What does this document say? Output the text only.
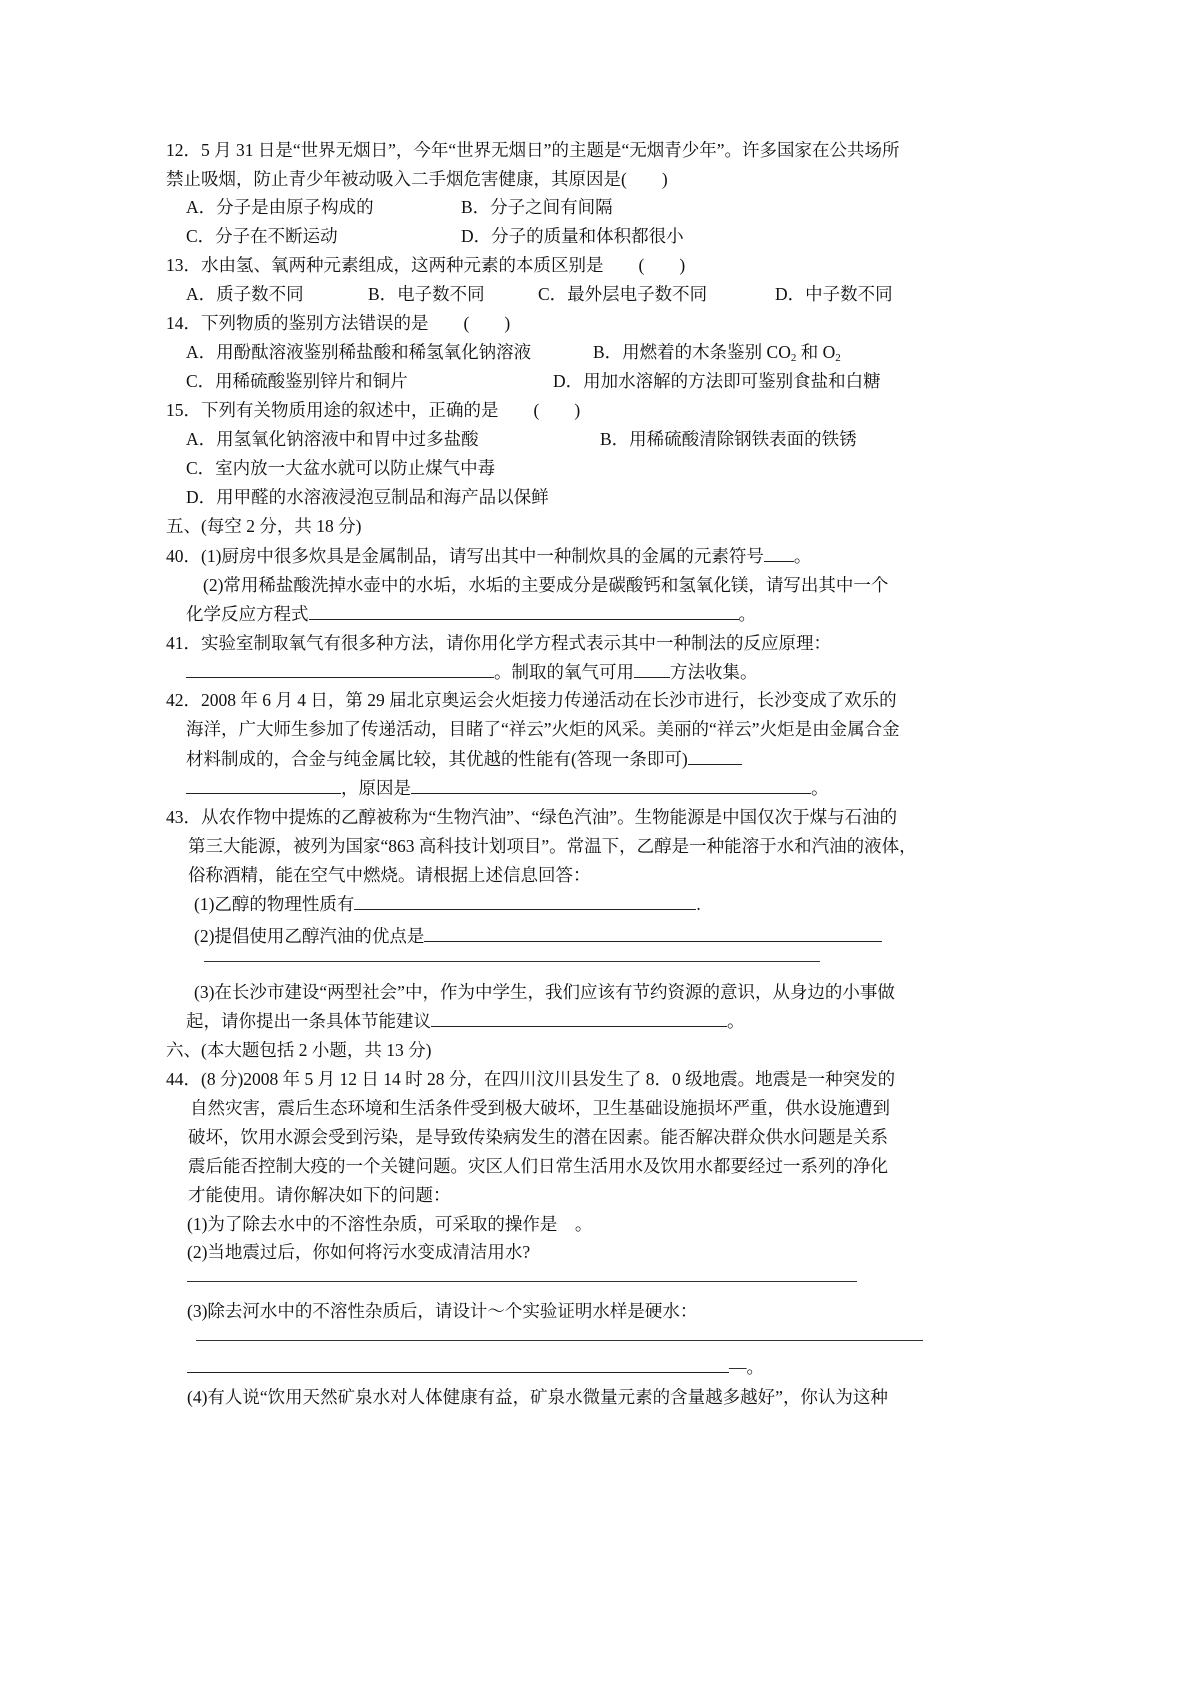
12．5 月 31 日是“世界无烟日”，今年“世界无烟日”的主题是“无烟青少年”。许多国家在公共场所
禁止吸烟，防止青少年被动吸入二手烟危害健康，其原因是(　　)
A．分子是由原子构成的	B．分子之间有间隔
C．分子在不断运动	D．分子的质量和体积都很小
13．水由氢、氧两种元素组成，这两种元素的本质区别是　　(　　)
A．质子数不同	B．电子数不同	C．最外层电子数不同	D．中子数不同
14．下列物质的鉴别方法错误的是　　(　　)
A．用酚酞溶液鉴别稀盐酸和稀氢氧化钠溶液	B．用燃着的木条鉴别 $CO_2$ 和 $O_2$
C．用稀硫酸鉴别锌片和铜片	D．用加水溶解的方法即可鉴别食盐和白糖
15．下列有关物质用途的叙述中，正确的是　　(　　)
A．用氢氧化钠溶液中和胃中过多盐酸	B．用稀硫酸清除钢铁表面的铁锈
C．室内放一大盆水就可以防止煤气中毒
D．用甲醛的水溶液浸泡豆制品和海产品以保鲜
五、(每空 2 分，共 18 分)
40．(1)厨房中很多炊具是金属制品，请写出其中一种制炊具的金属的元素符号 。
(2)常用稀盐酸洗掉水壶中的水垢，水垢的主要成分是碳酸钙和氢氧化镁，请写出其中一个
化学反应方程式	。
41．实验室制取氧气有很多种方法，请你用化学方程式表示其中一种制法的反应原理：
。制取的氧气可用 方法收集。
42．2008 年 6 月 4 日，第 29 届北京奥运会火炬接力传递活动在长沙市进行，长沙变成了欢乐的
海洋，广大师生参加了传递活动，目睹了“祥云”火炬的风采。美丽的“祥云”火炬是由金属合金
材料制成的，合金与纯金属比较，其优越的性能有(答现一条即可)
，原因是	。
43．从农作物中提炼的乙醇被称为“生物汽油”、“绿色汽油”。生物能源是中国仅次于煤与石油的
第三大能源，被列为国家“863 高科技计划项目”。常温下，乙醇是一种能溶于水和汽油的液体，
俗称酒精，能在空气中燃烧。请根据上述信息回答：
(1)乙醇的物理性质有	.
(2)提倡使用乙醇汽油的优点是
(3)在长沙市建设“两型社会”中，作为中学生，我们应该有节约资源的意识，从身边的小事做
起，请你提出一条具体节能建议	。
六、(本大题包括 2 小题，共 13 分)
44．(8 分)2008 年 5 月 12 日 14 时 28 分，在四川汶川县发生了 8．0 级地震。地震是一种突发的
自然灾害，震后生态环境和生活条件受到极大破坏，卫生基础设施损坏严重，供水设施遭到
破坏，饮用水源会受到污染，是导致传染病发生的潜在因素。能否解决群众供水问题是关系
震后能否控制大疫的一个关键问题。灾区人们日常生活用水及饮用水都要经过一系列的净化
才能使用。请你解决如下的问题：
(1)为了除去水中的不溶性杂质，可采取的操作是　。
(2)当地震过后，你如何将污水变成清洁用水?
(3)除去河水中的不溶性杂质后，请设计～个实验证明水样是硬水：
—。
(4)有人说“饮用天然矿泉水对人体健康有益，矿泉水微量元素的含量越多越好”，你认为这种
